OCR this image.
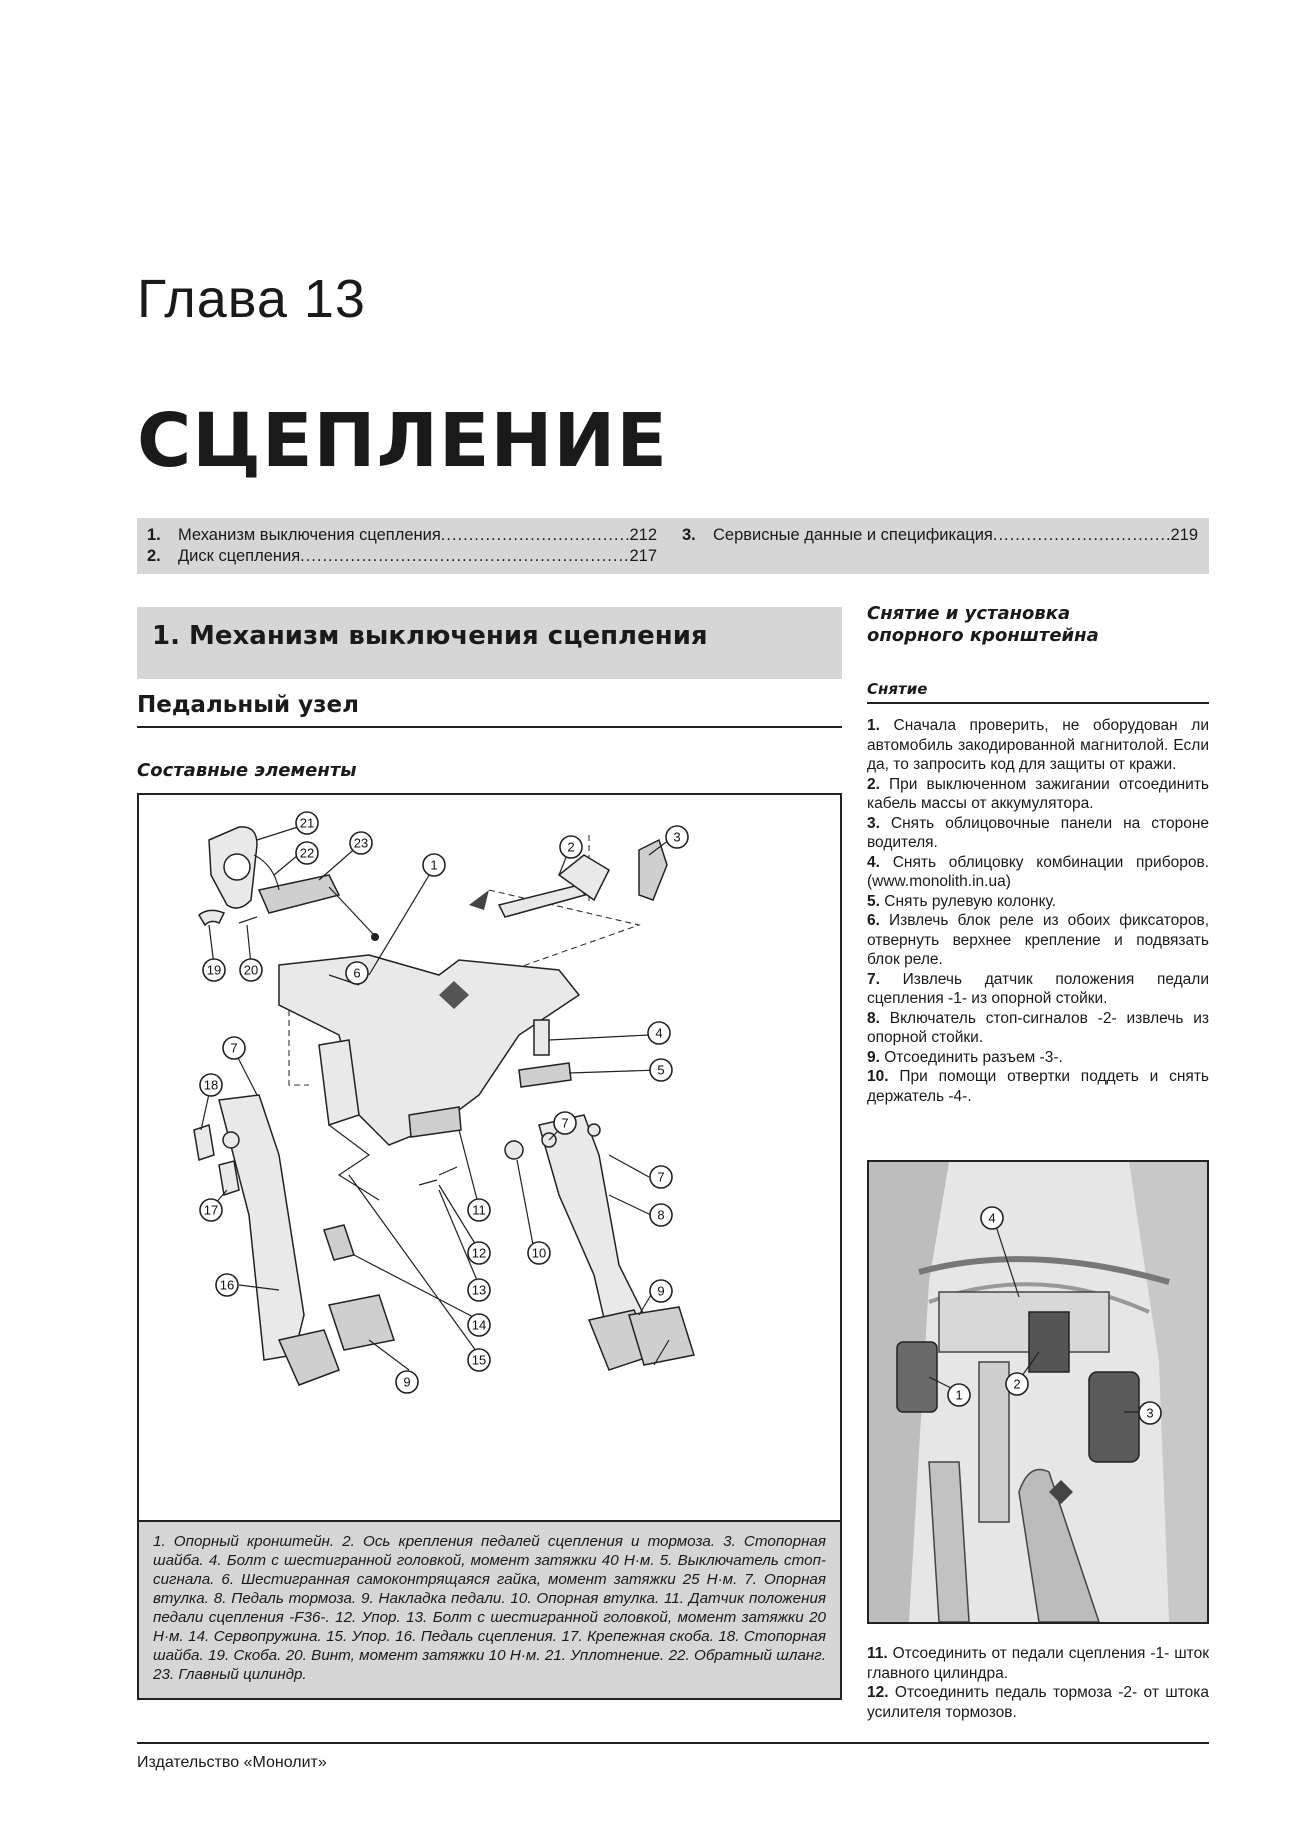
Глава 13
СЦЕПЛЕНИЕ
1.	Механизм выключения сцепления .....	212
2.	Диск сцепления .....	217
3.	Сервисные данные и спецификация .....	219
1. Механизм выключения сцепления
Педальный узел
Составные элементы
1
2
3
4
5
6
7
7
7
8
9
9
10
11
12
13
14
15
16
17
18
19 20
21
22
23
1. Опорный кронштейн. 2. Ось крепления педалей сцепления и тормоза. 3. Стопорная шайба. 4. Болт с шестигранной головкой, момент затяжки 40 Н·м. 5. Выключатель стоп-сигнала. 6. Шестигранная самоконтрящаяся гайка, момент затяжки 25 Н·м. 7. Опорная втулка. 8. Педаль тормоза. 9. Накладка педали. 10. Опорная втулка. 11. Датчик положения педали сцепления -F36-. 12. Упор. 13. Болт с шестигранной головкой, момент затяжки 20 Н·м. 14. Сервопружина. 15. Упор. 16. Педаль сцепления. 17. Крепежная скоба. 18. Стопорная шайба. 19. Скоба. 20. Винт, момент затяжки 10 Н·м. 21. Уплотнение. 22. Обратный шланг. 23. Главный цилиндр.
Снятие и установка опорного кронштейна
Снятие

1. Сначала проверить, не оборудован ли автомобиль закодированной магнитолой. Если да, то запросить код для защиты от кражи.

2. При выключенном зажигании отсоединить кабель массы от аккумулятора.

3. Снять облицовочные панели на стороне водителя.

4. Снять облицовку комбинации приборов. (www.monolith.in.ua)

5. Снять рулевую колонку.

6. Извлечь блок реле из обоих фиксаторов, отвернуть верхнее крепление и подвязать блок реле.

7. Извлечь датчик положения педали сцепления -1- из опорной стойки.

8. Включатель стоп-сигналов -2- извлечь из опорной стойки.

9. Отсоединить разъем -3-.

10. При помощи отвертки поддеть и снять держатель -4-.

1
2
3
4

11. Отсоединить от педали сцепления -1- шток главного цилиндра.

12. Отсоединить педаль тормоза -2- от штока усилителя тормозов.

Издательство «Монолит»
